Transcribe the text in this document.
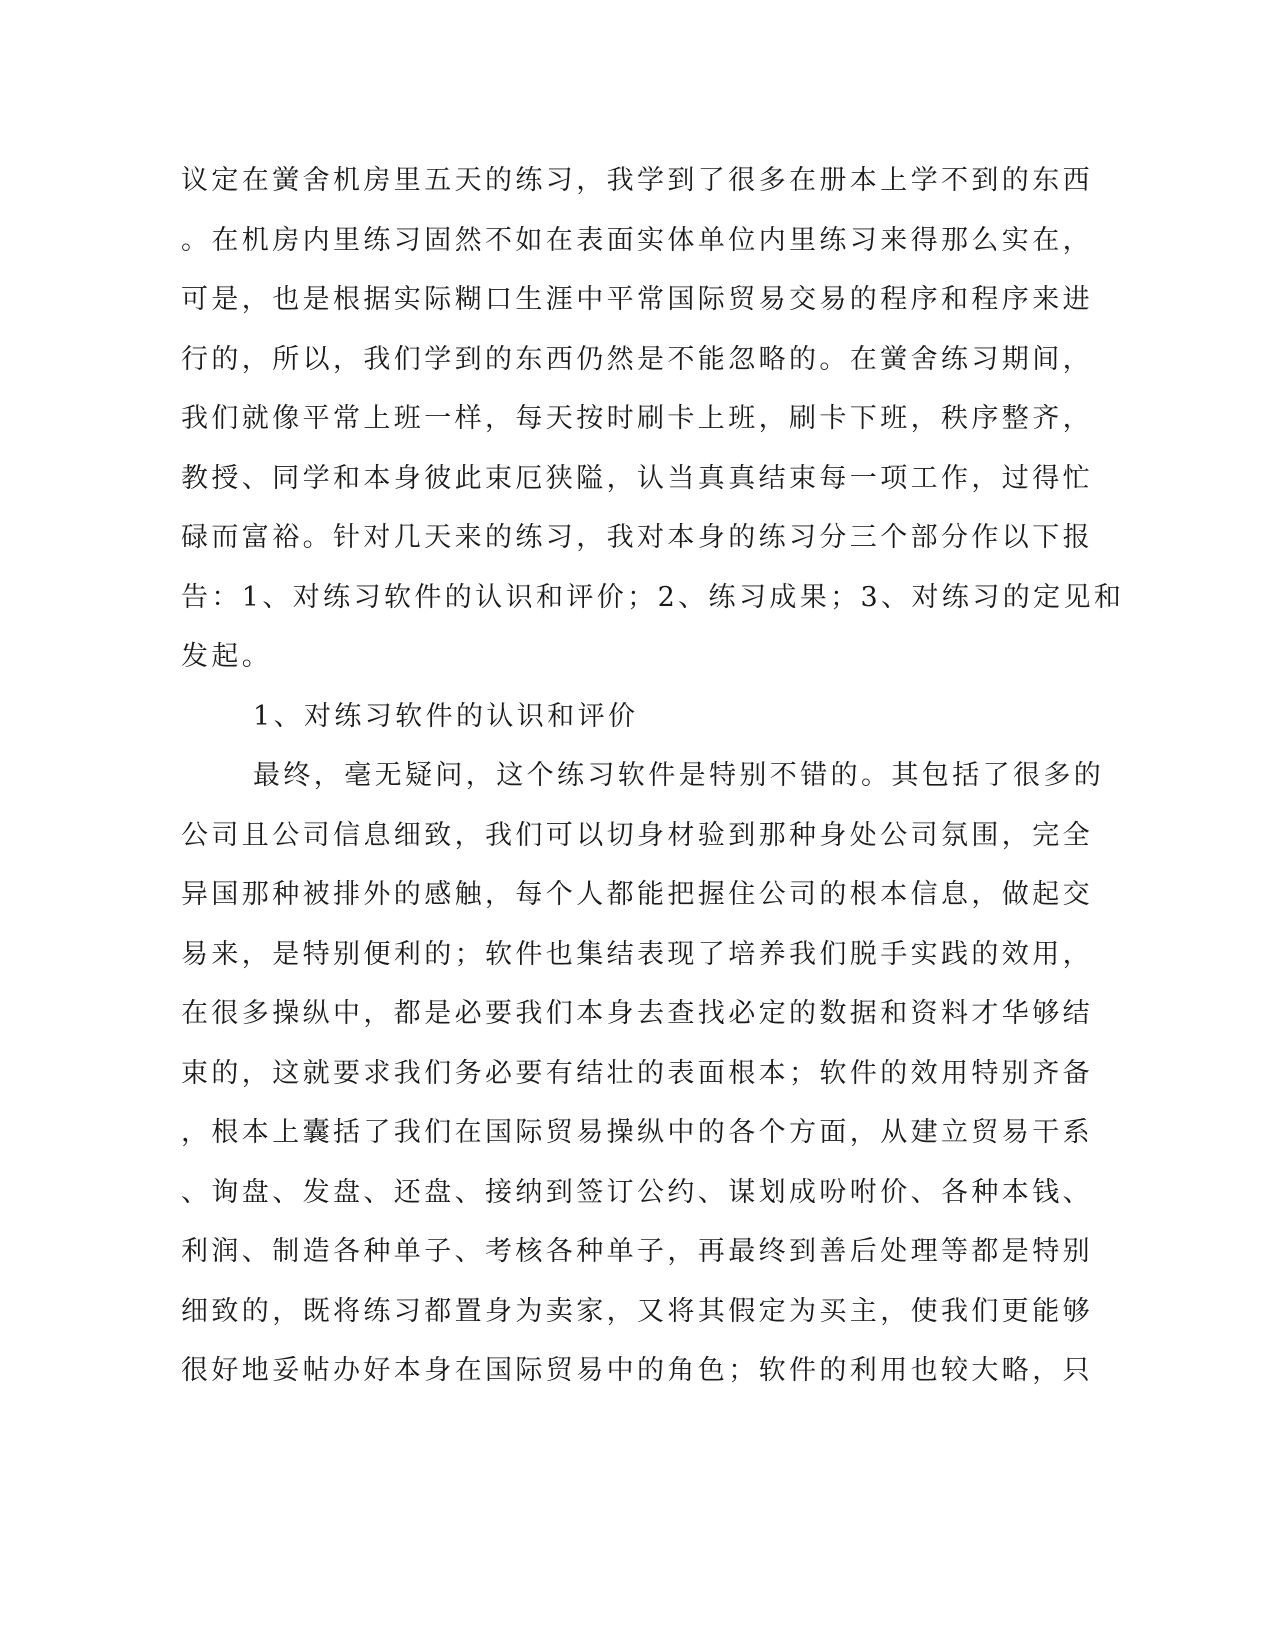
议定在黉舍机房里五天的练习，我学到了很多在册本上学不到的东西
。在机房内里练习固然不如在表面实体单位内里练习来得那么实在，
可是，也是根据实际糊口生涯中平常国际贸易交易的程序和程序来进
行的，所以，我们学到的东西仍然是不能忽略的。在黉舍练习期间，
我们就像平常上班一样，每天按时刷卡上班，刷卡下班，秩序整齐，
教授、同学和本身彼此束厄狭隘，认当真真结束每一项工作，过得忙
碌而富裕。针对几天来的练习，我对本身的练习分三个部分作以下报
告：1、对练习软件的认识和评价；2、练习成果；3、对练习的定见和
发起。
1、对练习软件的认识和评价
最终，毫无疑问，这个练习软件是特别不错的。其包括了很多的
公司且公司信息细致，我们可以切身材验到那种身处公司氛围，完全
异国那种被排外的感触，每个人都能把握住公司的根本信息，做起交
易来，是特别便利的；软件也集结表现了培养我们脱手实践的效用，
在很多操纵中，都是必要我们本身去查找必定的数据和资料才华够结
束的，这就要求我们务必要有结壮的表面根本；软件的效用特别齐备
，根本上囊括了我们在国际贸易操纵中的各个方面，从建立贸易干系
、询盘、发盘、还盘、接纳到签订公约、谋划成吩咐价、各种本钱、
利润、制造各种单子、考核各种单子，再最终到善后处理等都是特别
细致的，既将练习都置身为卖家，又将其假定为买主，使我们更能够
很好地妥帖办好本身在国际贸易中的角色；软件的利用也较大略，只
